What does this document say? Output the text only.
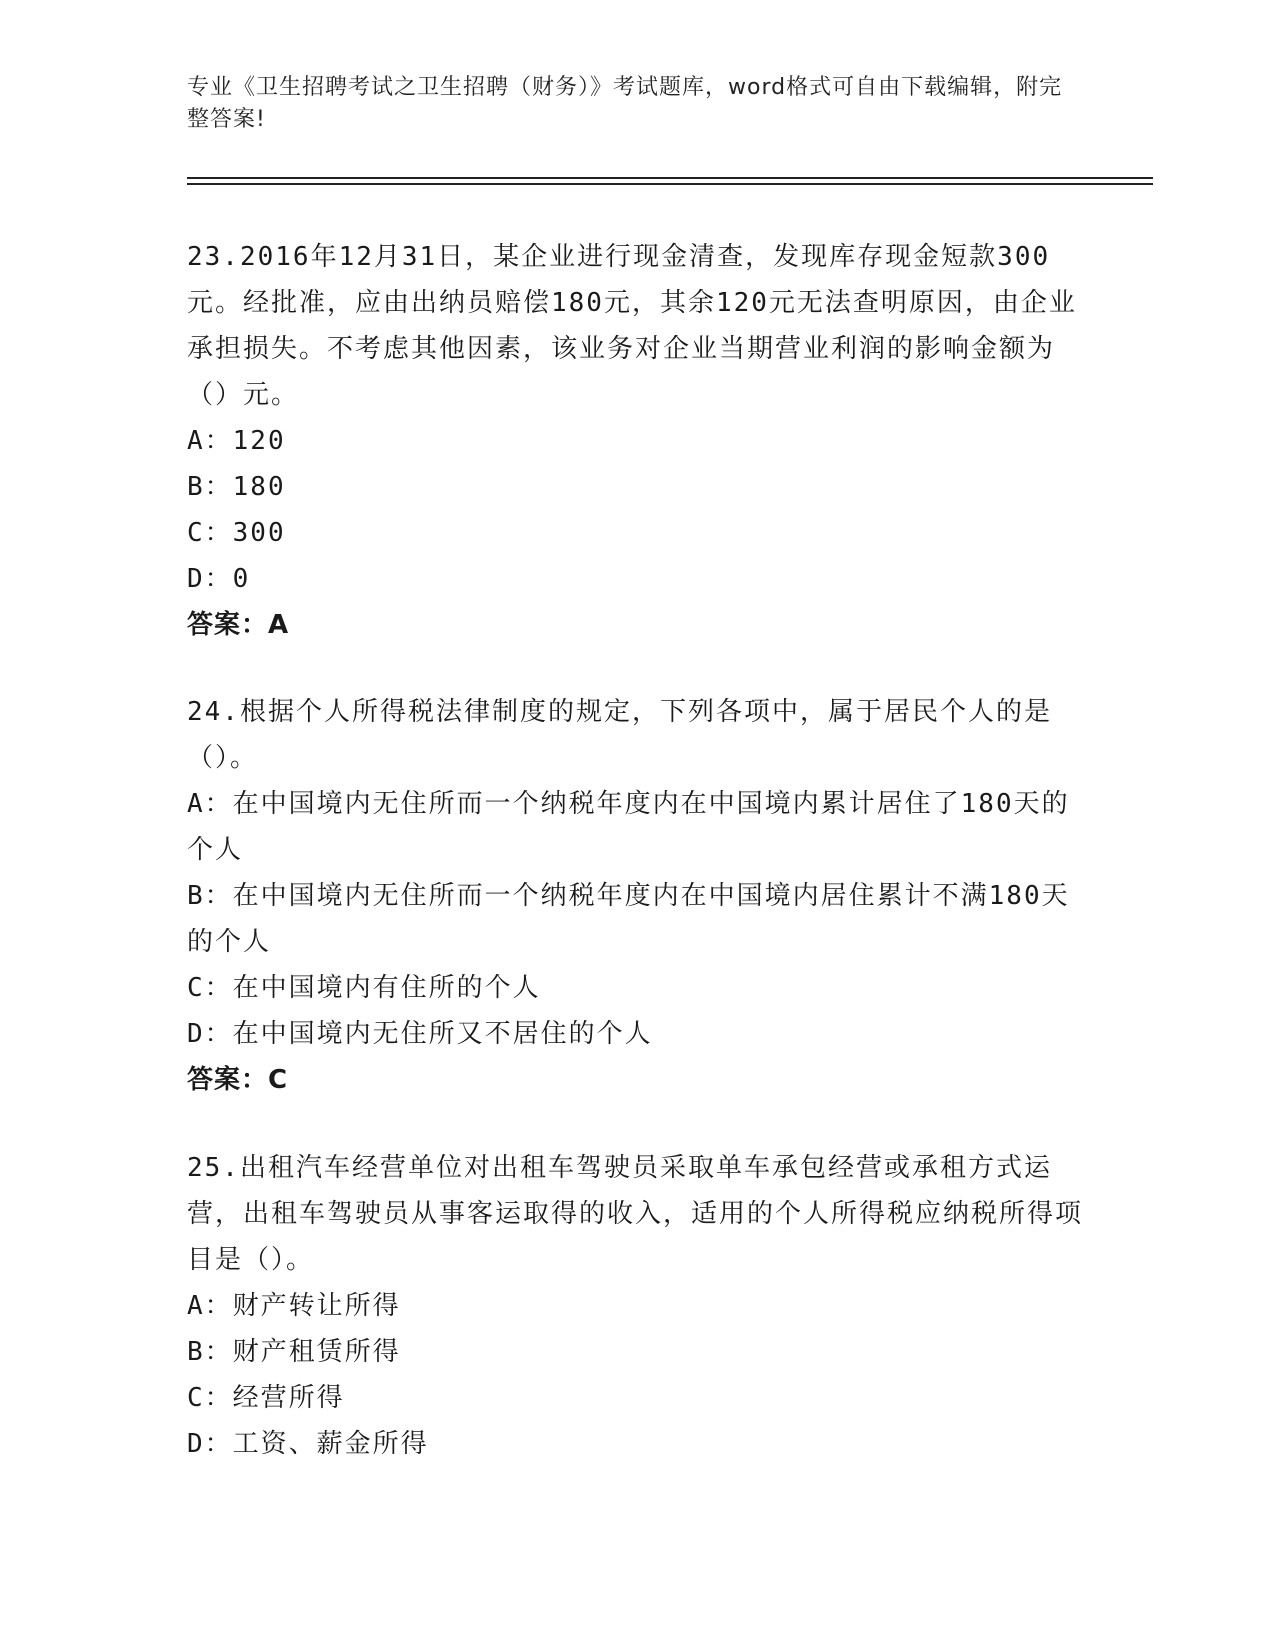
专业《卫生招聘考试之卫生招聘（财务）》考试题库，word格式可自由下载编辑，附完整答案!

23.2016年12月31日，某企业进行现金清查，发现库存现金短款300元。经批准，应由出纳员赔偿180元，其余120元无法查明原因，由企业承担损失。不考虑其他因素，该业务对企业当期营业利润的影响金额为（）元。

A：120

B：180

C：300

D：0

答案：A

24.根据个人所得税法律制度的规定，下列各项中，属于居民个人的是（）。

A：在中国境内无住所而一个纳税年度内在中国境内累计居住了180天的个人

B：在中国境内无住所而一个纳税年度内在中国境内居住累计不满180天的个人

C：在中国境内有住所的个人

D：在中国境内无住所又不居住的个人

答案：C

25.出租汽车经营单位对出租车驾驶员采取单车承包经营或承租方式运营，出租车驾驶员从事客运取得的收入，适用的个人所得税应纳税所得项目是（）。

A：财产转让所得

B：财产租赁所得

C：经营所得

D：工资、薪金所得
